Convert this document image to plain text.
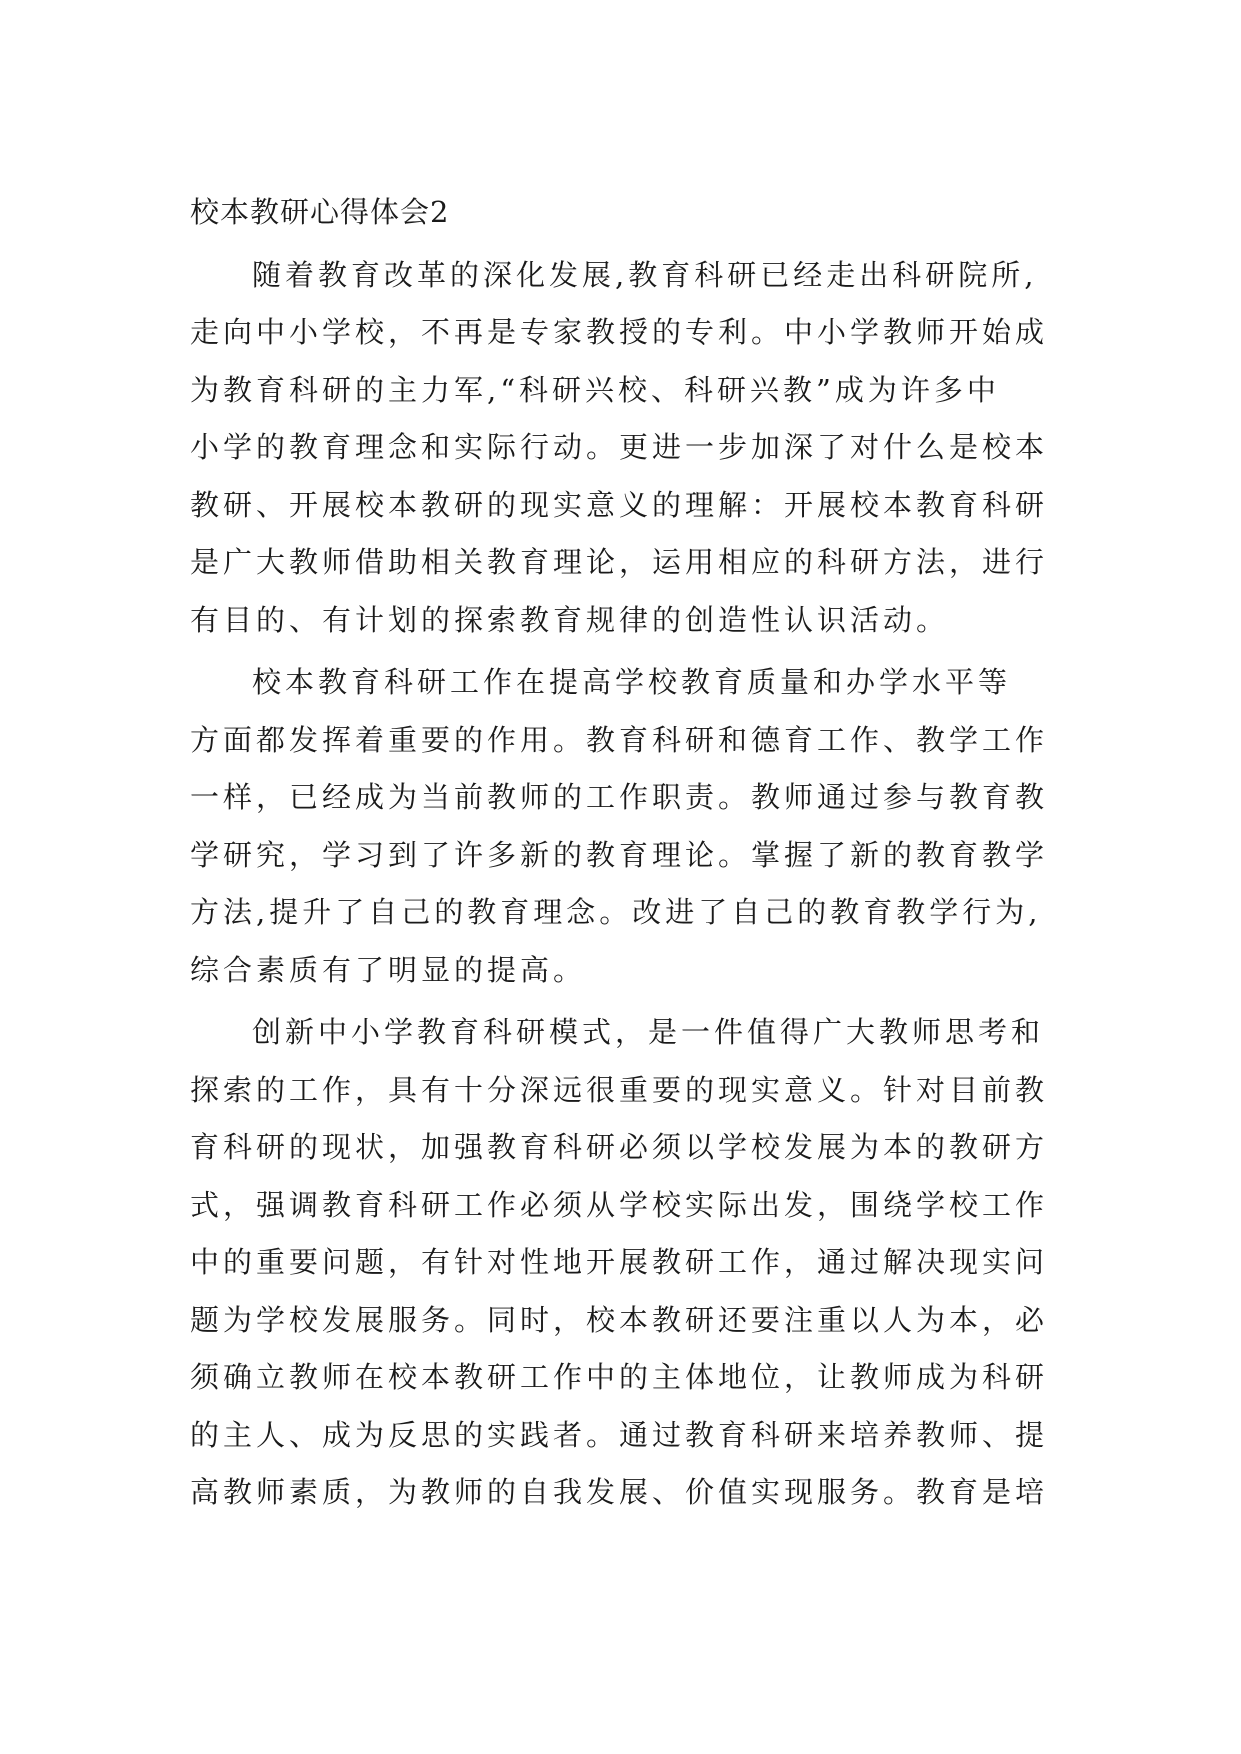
校本教研心得体会2

随着教育改革的深化发展,教育科研已经走出科研院所,

走向中小学校，不再是专家教授的专利。中小学教师开始成

为教育科研的主力军,“科研兴校、科研兴教”成为许多中

小学的教育理念和实际行动。更进一步加深了对什么是校本

教研、开展校本教研的现实意义的理解：开展校本教育科研

是广大教师借助相关教育理论，运用相应的科研方法，进行

有目的、有计划的探索教育规律的创造性认识活动。

校本教育科研工作在提高学校教育质量和办学水平等

方面都发挥着重要的作用。教育科研和德育工作、教学工作

一样，已经成为当前教师的工作职责。教师通过参与教育教

学研究，学习到了许多新的教育理论。掌握了新的教育教学

方法,提升了自己的教育理念。改进了自己的教育教学行为,

综合素质有了明显的提高。

创新中小学教育科研模式，是一件值得广大教师思考和

探索的工作，具有十分深远很重要的现实意义。针对目前教

育科研的现状，加强教育科研必须以学校发展为本的教研方

式，强调教育科研工作必须从学校实际出发，围绕学校工作

中的重要问题，有针对性地开展教研工作，通过解决现实问

题为学校发展服务。同时，校本教研还要注重以人为本，必

须确立教师在校本教研工作中的主体地位，让教师成为科研

的主人、成为反思的实践者。通过教育科研来培养教师、提

高教师素质，为教师的自我发展、价值实现服务。教育是培
